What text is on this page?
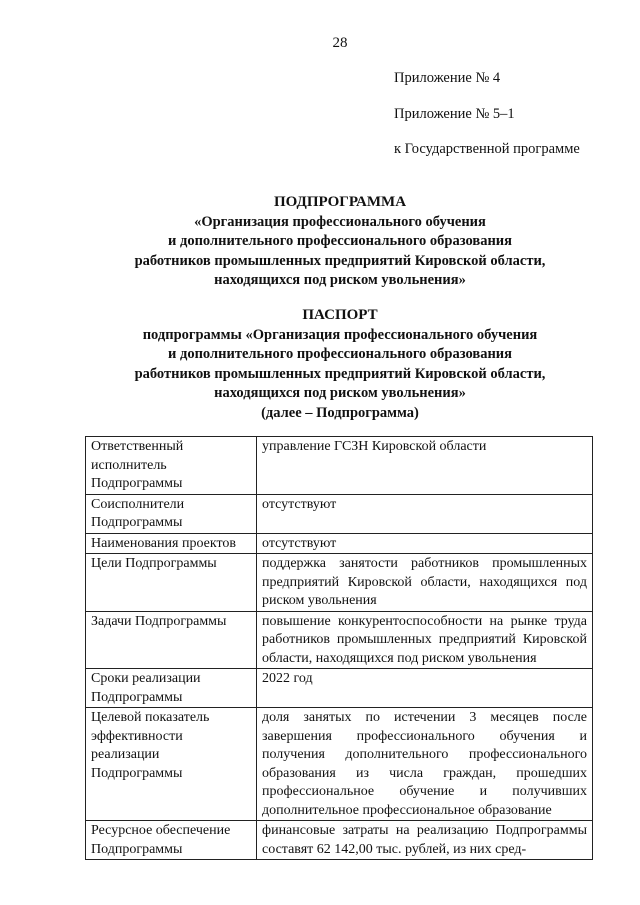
28
Приложение № 4
Приложение № 5–1
к Государственной программе
ПОДПРОГРАММА
«Организация профессионального обучения
и дополнительного профессионального образования
работников промышленных предприятий Кировской области,
находящихся под риском увольнения»
ПАСПОРТ
подпрограммы «Организация профессионального обучения
и дополнительного профессионального образования
работников промышленных предприятий Кировской области,
находящихся под риском увольнения»
(далее – Подпрограмма)
Ответственный исполнитель Подпрограммы	управление ГСЗН Кировской области
Соисполнители Подпрограммы	отсутствуют
Наименования проектов	отсутствуют
Цели Подпрограммы	поддержка занятости работников промышленных предприятий Кировской области, находящихся под риском увольнения
Задачи Подпрограммы	повышение конкурентоспособности на рынке труда работников промышленных предприятий Кировской области, находящихся под риском увольнения
Сроки реализации Подпрограммы	2022 год
Целевой показатель эффективности реализации Подпрограммы	доля занятых по истечении 3 месяцев после завершения профессионального обучения и получения дополнительного профессионального образования из числа граждан, прошедших профессиональное обучение и получивших дополнительное профессиональное образование
Ресурсное обеспечение Подпрограммы	финансовые затраты на реализацию Подпрограммы составят 62 142,00 тыс. рублей, из них сред-
